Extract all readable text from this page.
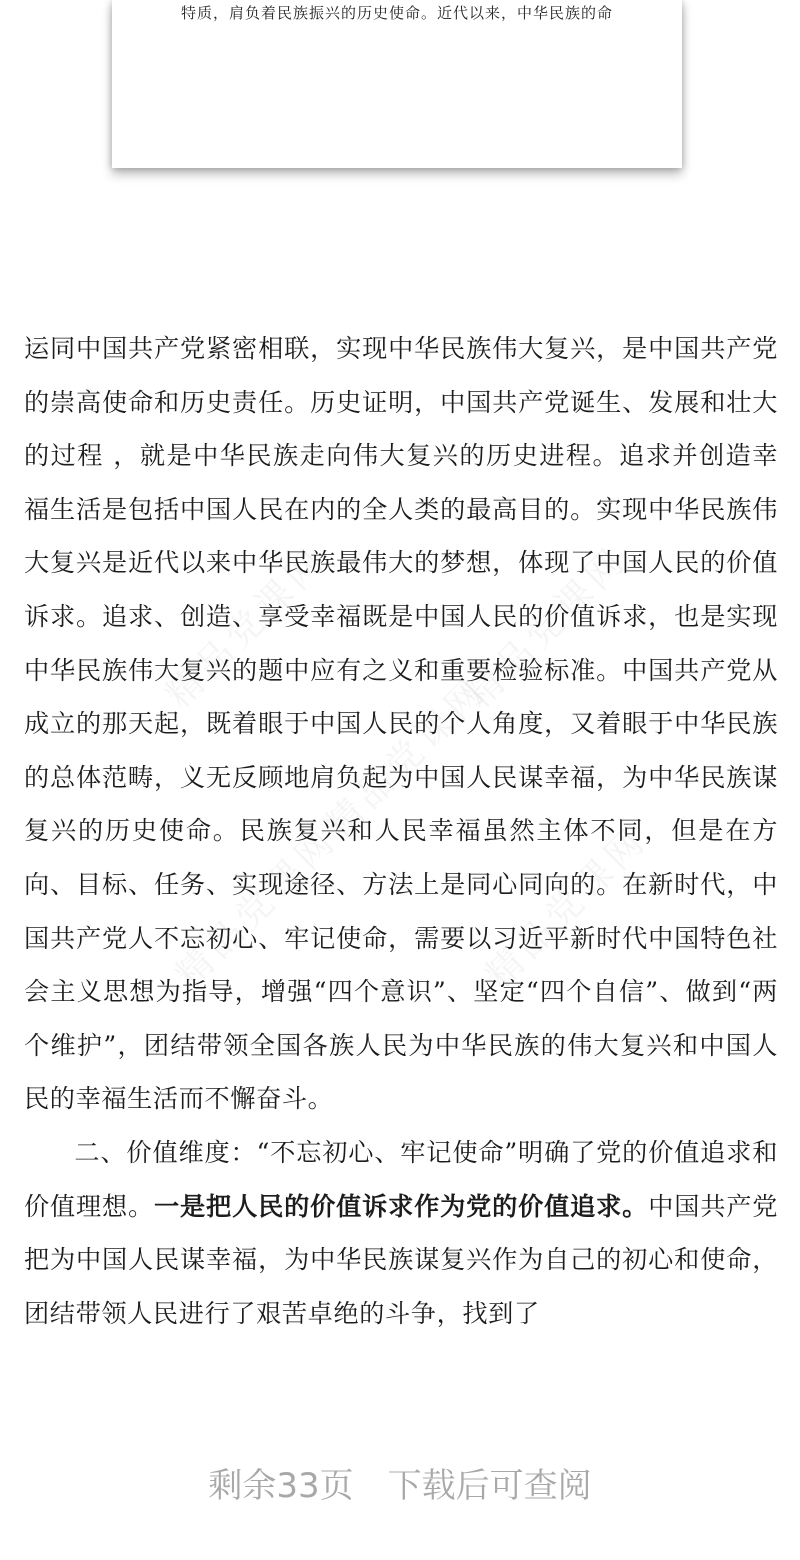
特质，肩负着民族振兴的历史使命。近代以来，中华民族的命
精品党课网
精品党课网
精品党课网
精品党课网	精品党课网

运同中国共产党紧密相联，实现中华民族伟大复兴，是中国共产党的崇高使命和历史责任。历史证明，中国共产党诞生、发展和壮大的过程 ，就是中华民族走向伟大复兴的历史进程。追求并创造幸福生活是包括中国人民在内的全人类的最高目的。实现中华民族伟大复兴是近代以来中华民族最伟大的梦想，体现了中国人民的价值诉求。追求、创造、享受幸福既是中国人民的价值诉求，也是实现中华民族伟大复兴的题中应有之义和重要检验标准。中国共产党从成立的那天起，既着眼于中国人民的个人角度，又着眼于中华民族的总体范畴，义无反顾地肩负起为中国人民谋幸福，为中华民族谋复兴的历史使命。民族复兴和人民幸福虽然主体不同，但是在方向、目标、任务、实现途径、方法上是同心同向的。在新时代，中国共产党人不忘初心、牢记使命，需要以习近平新时代中国特色社会主义思想为指导，增强“四个意识”、坚定“四个自信”、做到“两个维护”，团结带领全国各族人民为中华民族的伟大复兴和中国人民的幸福生活而不懈奋斗。

二、价值维度：“不忘初心、牢记使命”明确了党的价值追求和价值理想。一是把人民的价值诉求作为党的价值追求。中国共产党把为中国人民谋幸福，为中华民族谋复兴作为自己的初心和使命，团结带领人民进行了艰苦卓绝的斗争，找到了

剩余33页　下载后可查阅
